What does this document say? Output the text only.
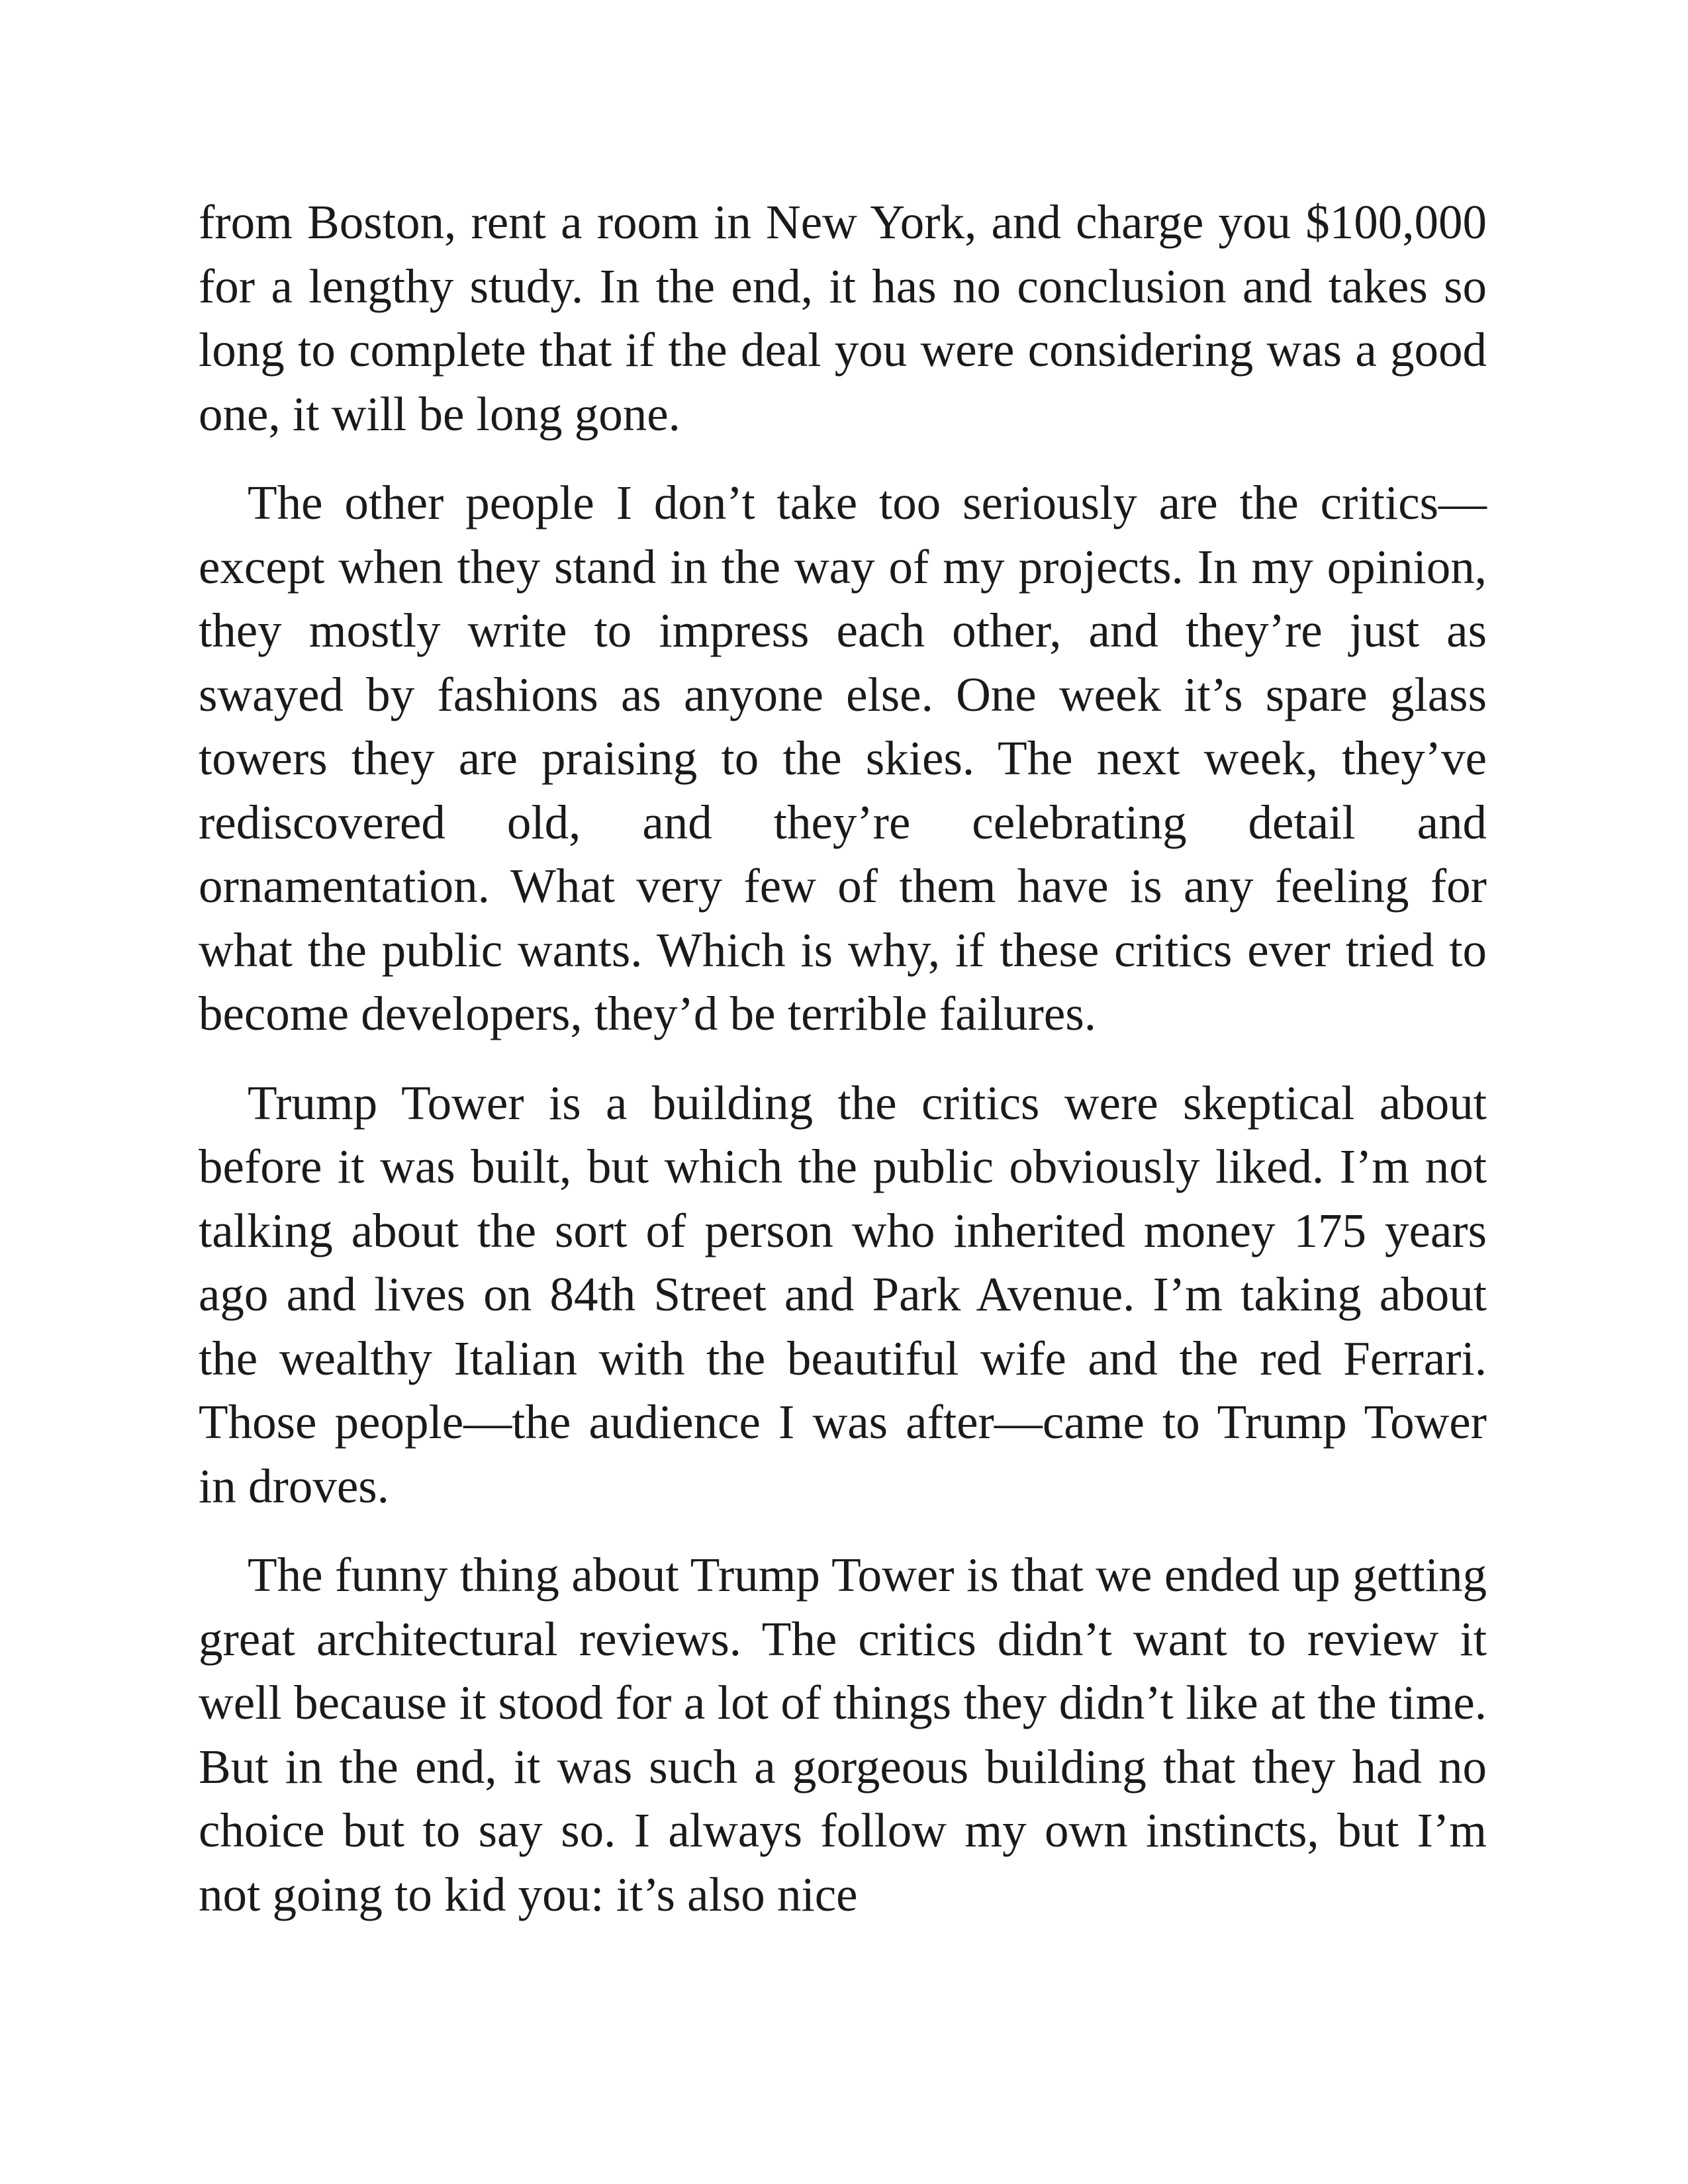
from Boston, rent a room in New York, and charge you $100,000 for a lengthy study. In the end, it has no conclusion and takes so long to complete that if the deal you were considering was a good one, it will be long gone.

The other people I don’t take too seriously are the critics—except when they stand in the way of my projects. In my opinion, they mostly write to impress each other, and they’re just as swayed by fashions as anyone else. One week it’s spare glass towers they are praising to the skies. The next week, they’ve rediscovered old, and they’re celebrating detail and ornamentation. What very few of them have is any feeling for what the public wants. Which is why, if these critics ever tried to become developers, they’d be terrible failures.

Trump Tower is a building the critics were skeptical about before it was built, but which the public obviously liked. I’m not talking about the sort of person who inherited money 175 years ago and lives on 84th Street and Park Avenue. I’m taking about the wealthy Italian with the beautiful wife and the red Ferrari. Those people—the audience I was after—came to Trump Tower in droves.

The funny thing about Trump Tower is that we ended up getting great architectural reviews. The critics didn’t want to review it well because it stood for a lot of things they didn’t like at the time. But in the end, it was such a gorgeous building that they had no choice but to say so. I always follow my own instincts, but I’m not going to kid you: it’s also nice
